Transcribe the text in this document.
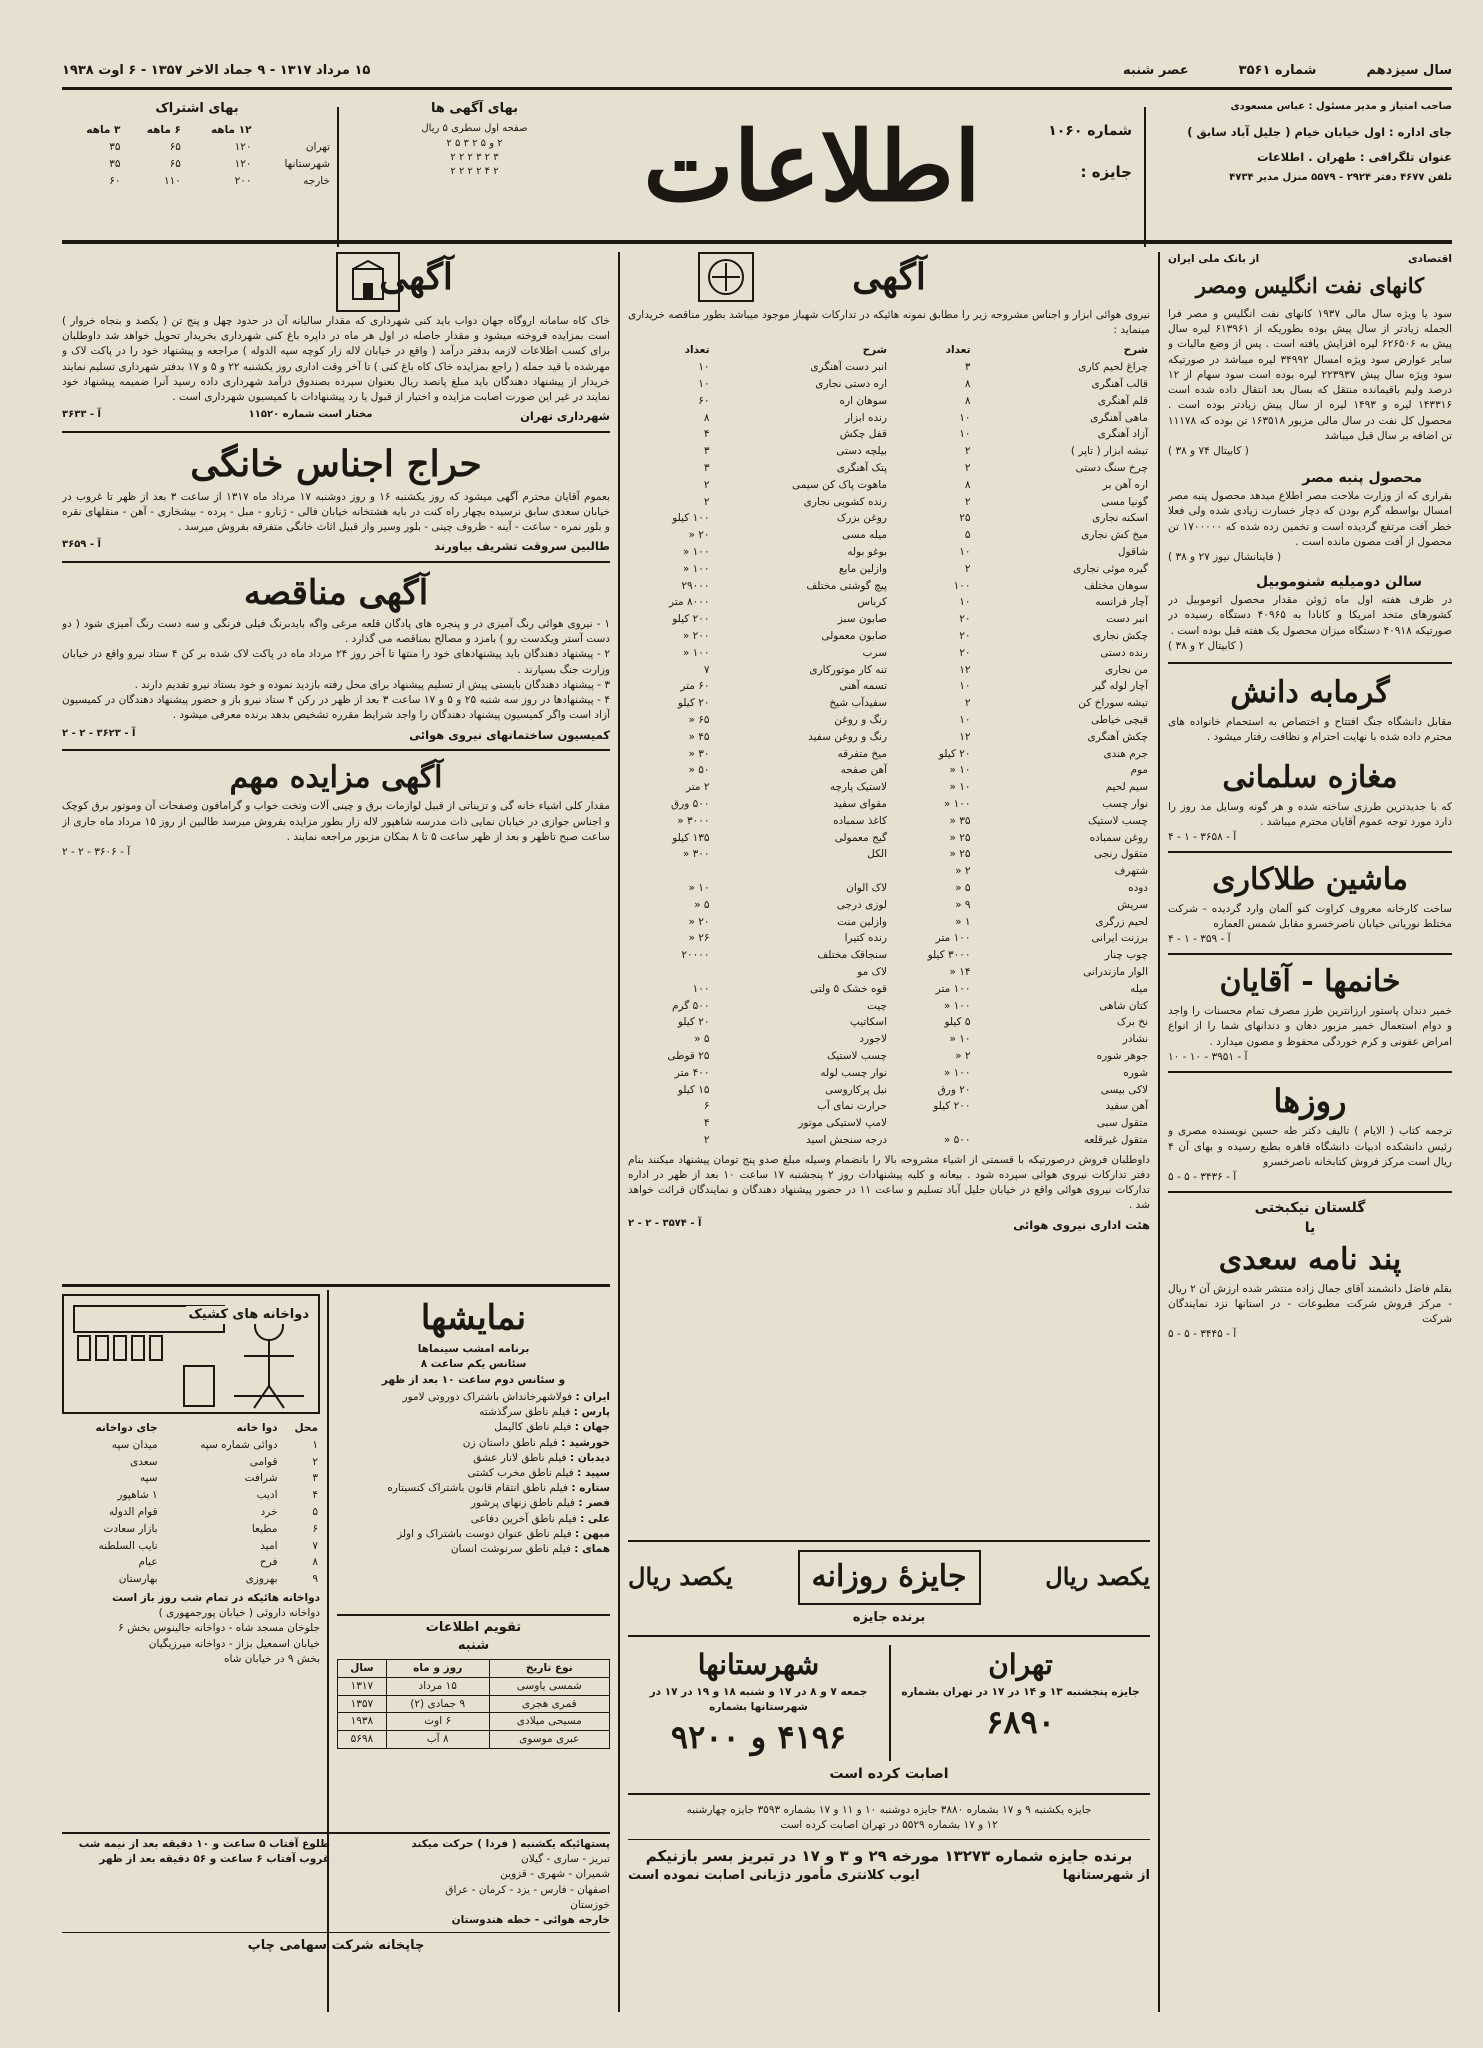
سال سیزدهم
شماره ۳۵۶۱
عصر شنبه
۱۵ مرداد ۱۳۱۷ - ۹ جماد الاخر ۱۳۵۷ - ۶ اوت ۱۹۳۸
صاحب امتیاز و مدیر مسئول : عباس مسعودی
جای اداره : اول خیابان خیام ( جلیل آباد سابق )
عنوان تلگرافی : طهران . اطلاعات
تلفن ۴۶۷۷ دفتر ۲۹۲۴ - ۵۵۷۹ منزل مدیر ۴۷۳۴
شماره ۱۰۶۰
جایزه :
اطلاعات
بهای آگهی ها
صفحه اول سطری ۵ ریال
۲ و ۵ ۲ ۳ ۵ ۲
۳ ۲ ۳ ۲ ۲ ۲
۲ ۴ ۲ ۲ ۲ ۲
بهای اشتراک
	۱۲ ماهه	۶ ماهه	۳ ماهه
تهران	۱۲۰	۶۵	۳۵
شهرستانها	۱۲۰	۶۵	۳۵
خارجه	۲۰۰	۱۱۰	۶۰
اقتصادی
از بانک ملی ایران
کانهای نفت انگلیس ومصر
سود یا ویژه سال مالی ۱۹۳۷ کانهای نفت انگلیس و مصر فرا الجمله زیادتر از سال پیش بوده بطوریکه از ۶۱۳۹۶۱ لیره سال پیش به ۶۲۶۵۰۶ لیره افزایش یافته است . پس از وضع مالیات و سایر عوارض سود ویژه امسال ۳۴۹۹۲ لیره میباشد در صورتیکه سود ویژه سال پیش ۲۲۳۹۳۷ لیره بوده است سود سهام از ۱۲ درصد ولیم باقیمانده منتقل که بسال بعد انتقال داده شده است ۱۴۳۳۱۶ لیره و ۱۴۹۳ لیره از سال پیش زیادتر بوده است . محصول کل نفت در سال مالی مزبور ۱۶۳۵۱۸ تن بوده که ۱۱۱۷۸ تن اضافه بر سال قبل میباشد
( کابیتال ۷۴ و ۳۸ )
محصول پنبه مصر
بقراری که از وزارت ملاحت مصر اطلاع میدهد محصول پنبه مصر امسال بواسطه گرم بودن که دچار خسارت زیادی شده ولی فعلا خطر آفت مرتفع گردیده است و تخمین زده شده که ۱۷۰۰۰۰۰ تن محصول از آفت مصون مانده است .
( فاینانشال نیوز ۲۷ و ۳۸ )
سالن دومیلیه شنوموبیل
در ظرف هفته اول ماه ژوئن مقدار محصول اتوموبیل در کشورهای متحد امریکا و کانادا به ۴۰۹۶۵ دستگاه رسیده در صورتیکه ۴۰۹۱۸ دستگاه میزان محصول یک هفته قبل بوده است .
( کابیتال ۲ و ۳۸ )
گرمابه دانش
مقابل دانشگاه جنگ افتتاح و اختصاص به استحمام خانواده های محترم داده شده با نهایت احترام و نظافت رفتار میشود .
مغازه سلمانی
که با جدیدترین طرزی ساخته شده و هر گونه وسایل مد روز را دارد مورد توجه عموم آقایان محترم میباشد .
آ - ۳۶۵۸ - ۱ - ۴
ماشین طلاکاری
ساخت کارخانه معروف کراوت کنو آلمان وارد گردیده - شرکت مختلط نوریانی خیابان ناصرخسرو مقابل شمس العماره
آ - ۳۵۹ - ۱ - ۴
خانمها - آقایان
خمیر دندان پاستور ارزانترین طرز مصرف تمام محسنات را واجد و دوام استعمال خمیر مزبور دهان و دندانهای شما را از انواع امراض عفونی و کرم خوردگی محفوظ و مصون میدارد .
آ - ۳۹۵۱ - ۱۰ - ۱۰
روزها
ترجمه کتاب ( الایام ) تالیف دکتر طه حسین نویسنده مصری و رئیس دانشکده ادبیات دانشگاه قاهره بطبع رسیده و بهای آن ۴ ریال است مرکز فروش کتابخانه ناصرخسرو
آ - ۳۴۳۶ - ۵ - ۵
گلستان نیکبختی
یا
پند نامه سعدی
بقلم فاضل دانشمند آقای جمال زاده منتشر شده ارزش آن ۲ ریال - مرکز فروش شرکت مطبوعات - در استانها نزد نمایندگان شرکت
آ - ۳۴۴۵ - ۵ - ۵
آگهی
نیروی هوائی ابزار و اجناس مشروحه زیر را مطابق نمونه هائیکه در تدارکات شهباز موجود میباشد بطور مناقصه خریداری مینماید :
شرح	تعداد	شرح	تعداد
چراغ لحیم کاری	۳	انبر دست آهنگری	۱۰
قالب آهنگری	۸	اره دستی نجاری	۱۰
قلم آهنگری	۸	سوهان اره	۶۰
ماهی آهنگری	۱۰	رنده ابزار	۸
آزاد آهنگری	۱۰	قفل چکش	۴
تیشه ابزار ( تاپر )	۲	بیلچه دستی	۳
چرخ سنگ دستی	۲	پتک آهنگری	۳
اره آهن بر	۸	ماهوت پاک کن سیمی	۲
گونیا مسی	۲	رنده کشویی نجاری	۲
اسکنه نجاری	۲۵	روغن بزرک	۱۰۰ کیلو
میخ کش نجاری	۵	میله مسی	۲۰ «
شاقول	۱۰	بوغو بوله	۱۰۰ «
گیره موئی نجاری	۲	وازلین مایع	۱۰۰ «
سوهان مختلف	۱۰۰	پیچ گوشتی مختلف	۲۹۰۰۰
آچار فرانسه	۱۰	کرباس	۸۰۰۰ متر
انبر دست	۲۰	صابون سبز	۲۰۰ کیلو
چکش نجاری	۲۰	صابون معمولی	۲۰۰ «
رنده دستی	۲۰	سرب	۱۰۰ «
من نجاری	۱۲	تنه کار موتورکاری	۷
آچار لوله گیر	۱۰	تسمه آهنی	۶۰ متر
تیشه سوراخ کن	۲	سفیدآب شیخ	۲۰ کیلو
قیچی خیاطی	۱۰	رنگ و روغن	۶۵ «
چکش آهنگری	۱۲	رنگ و روغن سفید	۴۵ «
جرم هندی	۲۰ کیلو	میخ متفرقه	۳۰ «
موم	۱۰ «	آهن صفحه	۵۰ «
سیم لحیم	۱۰ «	لاستیک پارچه	۲ متر
نوار چسب	۱۰۰ «	مقوای سفید	۵۰۰ ورق
چسب لاستیک	۳۵ «	کاغذ سمباده	۳۰۰۰ «
روغن سمباده	۲۵ «	گیج معمولی	۱۳۵ کیلو
متقول رنجی	۲۵ «	الکل	۳۰۰ «
شتهرف	۲ «		
دوده	۵ «	لاک الوان	۱۰ «
سریش	۹ «	لوزی درجی	۵ «
لحیم زرگری	۱ «	وازلین منت	۲۰ «
برزنت ایرانی	۱۰۰ متر	رنده کتیرا	۲۶ «
چوب چنار	۳۰۰۰ کیلو	سنجاقک مختلف	۲۰۰۰۰
الوار مازندرانی	۱۴ «	لاک مو	
میله	۱۰۰ متر	قوه خشک ۵ ولتی	۱۰۰
کتان شاهی	۱۰۰ «	چیت	۵۰۰ گرم
نخ برک	۵ کیلو	اسکاتیپ	۲۰ کیلو
نشادر	۱۰ «	لاجورد	۵ «
جوهر شوره	۲ «	چسب لاستیک	۲۵ قوطی
شوره	۱۰۰ «	نوار چسب لوله	۴۰۰ متر
لاکی بیسی	۲۰ ورق	نیل پرکاروسی	۱۵ کیلو
آهن سفید	۲۰۰ کیلو	حرارت نمای آب	۶
متقول سبی		لامپ لاستیکی موتور	۴
متقول غیرقلعه	۵۰۰ «	درجه سنجش اسید	۲
داوطلبان فروش درصورتیکه با قسمتی از اشیاء مشروحه بالا را بانضمام وسیله مبلغ صدو پنج تومان پیشنهاد میکنند بنام دفتر تدارکات نیروی هوائی سپرده شود . بیعانه و کلیه پیشنهادات روز ۲ پنجشنبه ۱۷ ساعت ۱۰ بعد از ظهر در اداره تدارکات نیروی هوائی واقع در خیابان جلیل آباد تسلیم و ساعت ۱۱ در حضور پیشنهاد دهندگان و نمایندگان قرائت خواهد شد .
هئت اداری نیروی هوائی
آ - ۳۵۷۴ - ۲ - ۲
یکصد ریال
جایزهٔ روزانه
یکصد ریال
برنده جایزه
تهران
جایزه پنجشنبه ۱۳ و ۱۴ در ۱۷ در تهران بشماره
۶۸۹۰
شهرستانها
جمعه ۷ و ۸ در ۱۷ و شنبه ۱۸ و ۱۹ در ۱۷ در شهرستانها بشماره
۴۱۹۶ و ۹۲۰۰
اصابت کرده است
جایزه یکشنبه ۹ و ۱۷ بشماره ۳۸۸۰ جایزه دوشنبه ۱۰ و ۱۱ و ۱۷ بشماره ۳۵۹۳ جایزه چهارشنبه
۱۲ و ۱۷ بشماره ۵۵۲۹ در تهران اصابت کرده است
برنده جایزه شماره ۱۳۲۷۳ مورخه ۲۹ و ۳ و ۱۷ در تبریز بسر بازنیکم
از شهرستانها
ایوب کلانتری مأمور دژبانی اصابت نموده است
آگهی
خاک کاه سامانه اروگاه جهان دواب باید کنی شهرداری که مقدار سالیانه آن در حدود چهل و پنج تن ( یکصد و بنجاه خروار ) است بمزایده فروخته میشود و مقدار حاصله در اول هر ماه در داپره باغ کنی شهرداری بخریدار تحویل خواهد شد داوطلبان برای کسب اطلاعات لازمه بدفتر درآمد ( واقع در خیابان لاله زار کوچه سپه الدوله ) مراجعه و پیشنهاد خود را در پاکت لاک و مهرشده با قید جمله ( راجع بمزایده خاک کاه باغ کنی ) تا آخر وقت اداری روز یکشنبه ۲۲ و ۵ و ۱۷ بدفتر شهرداری تسلیم نمایند خریدار از پیشنهاد دهندگان باید مبلغ پانصد ریال بعنوان سپرده بصندوق درآمد شهرداری داده رسید آنرا ضمیمه پیشنهاد خود نمایند در غیر این صورت اصابت مزایده و اختیار از قبول یا رد پیشنهادات با کمیسیون شهرداری است .
شهرداری تهران
مختار است شماره ۱۱۵۲۰
آ - ۳۶۳۳
حراج اجناس خانگی
بعموم آقایان محترم آگهی میشود که روز یکشنبه ۱۶ و روز دوشنبه ۱۷ مرداد ماه ۱۳۱۷ از ساعت ۳ بعد از ظهر تا غروب در خیابان سعدی سابق نرسیده بچهار راه کنت در بایه هشتخانه خیابان فالی - ژنارو - مبل - پرده - بیشخاری - آهن - منقلهای نقره و بلور نمره - ساعت - آینه - ظروف چینی - بلور وسیر واز قبیل اثاث خانگی متفرقه بفروش میرسد .
طالبین سروقت تشریف بیاورند
آ - ۳۶۵۹
آگهی مناقصه
۱ - نیروی هوائی رنگ آمیزی در و پنجره های پادگان قلعه مرغی واگه بایدبرنگ فیلی فرنگی و سه دست رنگ آمیزی شود ( دو دست آستر ویکدست رو ) بامزد و مصالح بمناقصه می گذارد .
۲ - پیشنهاد دهندگان باید پیشنهادهای خود را منتها تا آخر روز ۲۴ مرداد ماه در پاکت لاک شده بر کن ۴ ستاد نیرو واقع در خیابان وزارت جنگ بسپارند .
۳ - پیشنهاد دهندگان بایستی پیش از تسلیم پیشنهاد برای محل رفته بازدید نموده و خود بستاد نیرو تقدیم دارند .
۴ - پیشنهادها در روز سه شنبه ۲۵ و ۵ و ۱۷ ساعت ۳ بعد از ظهر در رکن ۴ ستاد نیرو باز و حضور پیشنهاد دهندگان در کمیسیون آزاد است واگر کمیسیون پیشنهاد دهندگان را واجد شرایط مقرره تشخیص بدهد برنده معرفی میشود .
کمیسیون ساختمانهای نیروی هوائی
آ - ۳۶۲۳ - ۲ - ۲
آگهی مزایده مهم
مقدار کلی اشیاء خانه گی و تزیناتی از قبیل لوازمات برق و چینی آلات وتخت خواب و گرامافون وصفحات آن وموتور برق کوچک و اجناس جوازی در خیابان نمایی ذات مدرسه شاهپور لاله زار بطور مزایده بفروش میرسد طالبین از روز ۱۵ مرداد ماه جاری از ساعت صبح تاظهر و بعد از ظهر ساعت ۵ تا ۸ بمکان مزبور مراجعه نمایند .
آ - ۳۶۰۶ - ۲ - ۲
نمایشها
برنامه امشب سینماها
سئانس یکم ساعت ۸
و سئانس دوم ساعت ۱۰ بعد از ظهر
ایران : فولاشهرخانداش باشتراک دوروتی لامور
پارس : فیلم ناطق سرگذشته
جهان : فیلم ناطق کالیمل
خورشید : فیلم ناطق داستان زن
دیدبان : فیلم ناطق لانار عشق
سپید : فیلم ناطق مخرب کشتی
ستاره : فیلم ناطق انتقام قانون باشتراک کنسیتاره
فصر : فیلم ناطق زنهای پرشور
علی : فیلم ناطق آخرین دفاعی
مبهن : فیلم ناطق عنوان دوست باشتراک و اولز
همای : فیلم ناطق سرنوشت انسان
دواخانه های کشیک
محل	دوا خانه	جای دواخانه
۱	دوائی شماره سپه	میدان سپه
۲	قوامی	سعدی
۳	شرافت	سپه
۴	ادیب	۱ شاهپور
۵	خرد	قوام الدوله
۶	مطیعا	بازار سعادت
۷	امید	نایب السلطنه
۸	فرح	عیام
۹	بهروزی	بهارستان
دواخانه هائیکه در تمام شب روز باز است
دواخانه داروئی ( خیابان پورجمهوری )
جلوخان مسجد شاه - دواخانه جالینوس بخش ۶
خیابان اسمعیل بزاز - دواخانه میرزیگیان
بخش ۹ در خیابان شاه
تقویم اطلاعات
شنبه
نوع تاریخ	روز و ماه	سال
شمسی یاوسی	۱۵ مرداد	۱۳۱۷
قمری هجری	۹ جمادی (۲)	۱۳۵۷
مسیحی میلادی	۶ اوت	۱۹۳۸
عبری موسوی	۸ آب	۵۶۹۸
پستهائیکه یکشنبه ( فردا ) حرکت میکند
تبریز - ساری - گیلان
شمیران - شهری - قزوین
اصفهان - فارس - یزد - کرمان - عراق
خوزستان
خارجه هوائی - خطه هندوستان
طلوع آفتاب ۵ ساعت و ۱۰ دقیقه بعد از نیمه شب
غروب آفتاب ۶ ساعت و ۵۶ دقیقه بعد از ظهر
چاپخانه شرکت سهامی چاپ
